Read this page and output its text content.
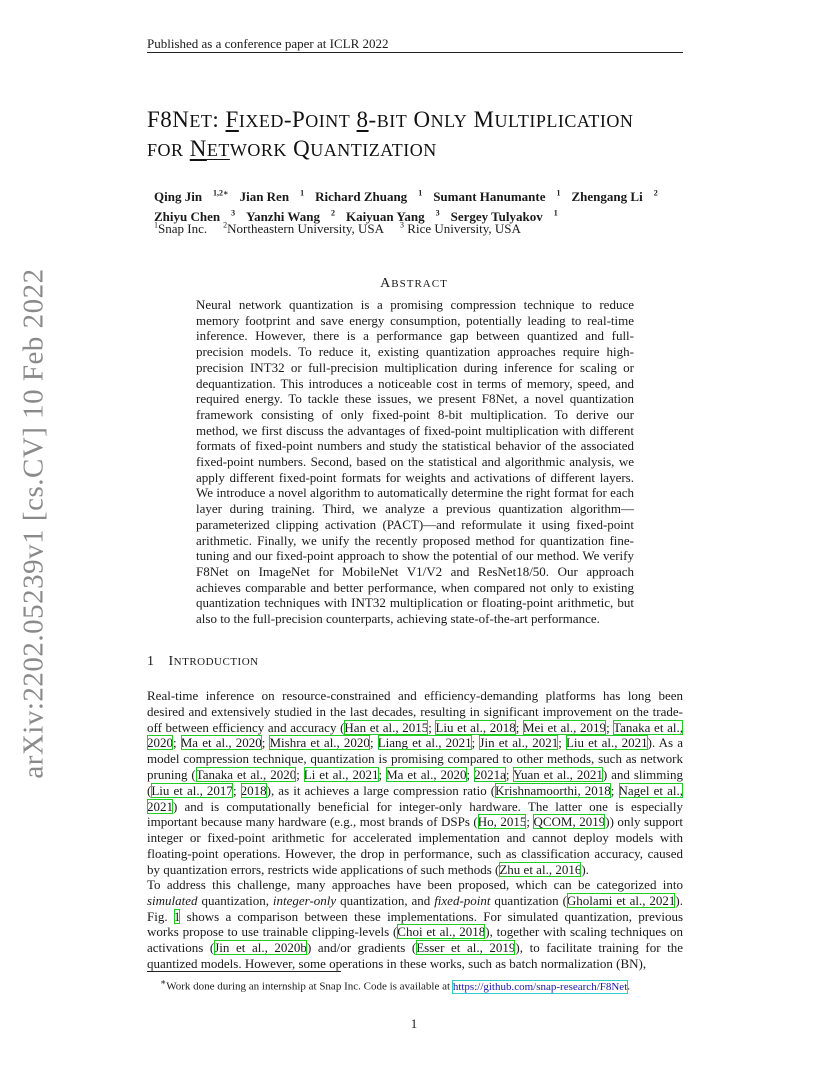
Published as a conference paper at ICLR 2022
arXiv:2202.05239v1 [cs.CV] 10 Feb 2022
F8NET: FIXED-POINT 8-BIT ONLY MULTIPLICATION
FOR NETWORK QUANTIZATION
Qing Jin $^{1,2∗}$ Jian Ren $^1$ Richard Zhuang $^1$ Sumant Hanumante $^1$ Zhengang Li $^2$
Zhiyu Chen $^3$ Yanzhi Wang $^2$ Kaiyuan Yang $^3$ Sergey Tulyakov $^1$
$^1$Snap Inc. $^2$Northeastern University, USA $^3$ Rice University, USA
ABSTRACT
Neural network quantization is a promising compression technique to reduce memory footprint and save energy consumption, potentially leading to real-time inference. However, there is a performance gap between quantized and full-precision models. To reduce it, existing quantization approaches require high-precision INT32 or full-precision multiplication during inference for scaling or dequantization. This introduces a noticeable cost in terms of memory, speed, and required energy. To tackle these issues, we present F8Net, a novel quantization framework consisting of only fixed-point 8-bit multiplication. To derive our method, we first discuss the advantages of fixed-point multiplication with different formats of fixed-point numbers and study the statistical behavior of the associated fixed-point numbers. Second, based on the statistical and algorithmic analysis, we apply different fixed-point formats for weights and activations of different layers. We introduce a novel algorithm to automatically determine the right format for each layer during training. Third, we analyze a previous quantization algorithm—parameterized clipping activation (PACT)—and reformulate it using fixed-point arithmetic. Finally, we unify the recently proposed method for quantization fine-tuning and our fixed-point approach to show the potential of our method. We verify F8Net on ImageNet for MobileNet V1/V2 and ResNet18/50. Our approach achieves comparable and better performance, when compared not only to existing quantization techniques with INT32 multiplication or floating-point arithmetic, but also to the full-precision counterparts, achieving state-of-the-art performance.
1 INTRODUCTION
Real-time inference on resource-constrained and efficiency-demanding platforms has long been desired and extensively studied in the last decades, resulting in significant improvement on the trade-off between efficiency and accuracy (Han et al., 2015; Liu et al., 2018; Mei et al., 2019; Tanaka et al., 2020; Ma et al., 2020; Mishra et al., 2020; Liang et al., 2021; Jin et al., 2021; Liu et al., 2021). As a model compression technique, quantization is promising compared to other methods, such as network pruning (Tanaka et al., 2020; Li et al., 2021; Ma et al., 2020; 2021a; Yuan et al., 2021) and slimming (Liu et al., 2017; 2018), as it achieves a large compression ratio (Krishnamoorthi, 2018; Nagel et al., 2021) and is computationally beneficial for integer-only hardware. The latter one is especially important because many hardware (e.g., most brands of DSPs (Ho, 2015; QCOM, 2019)) only support integer or fixed-point arithmetic for accelerated implementation and cannot deploy models with floating-point operations. However, the drop in performance, such as classification accuracy, caused by quantization errors, restricts wide applications of such methods (Zhu et al., 2016).
To address this challenge, many approaches have been proposed, which can be categorized into simulated quantization, integer-only quantization, and fixed-point quantization (Gholami et al., 2021). Fig. 1 shows a comparison between these implementations. For simulated quantization, previous works propose to use trainable clipping-levels (Choi et al., 2018), together with scaling techniques on activations (Jin et al., 2020b) and/or gradients (Esser et al., 2019), to facilitate training for the quantized models. However, some operations in these works, such as batch normalization (BN),
∗Work done during an internship at Snap Inc. Code is available at https://github.com/snap-research/F8Net.
1
